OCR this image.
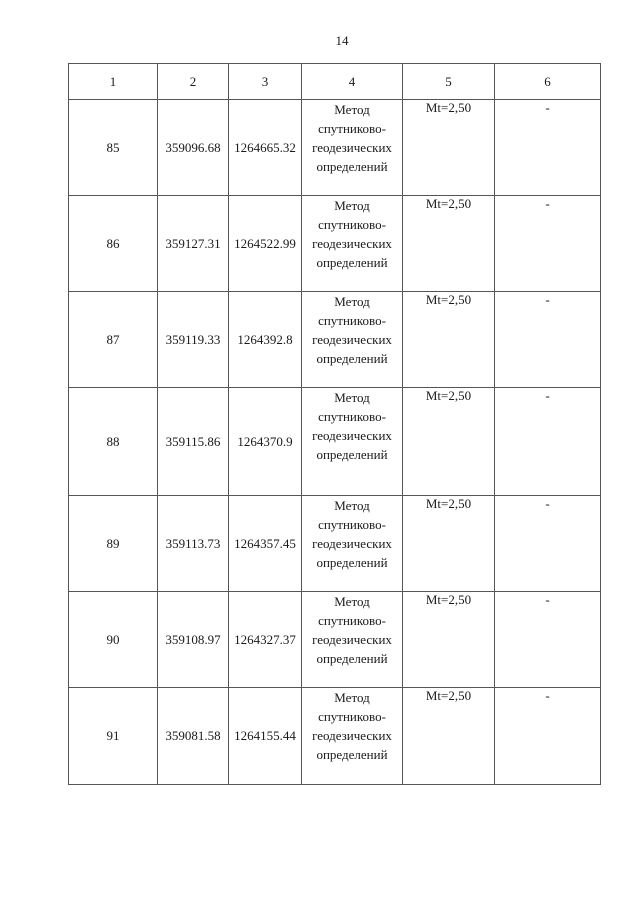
14
1	2	3	4	5	6
85	359096.68	1264665.32	Метод
спутниково-
геодезических
определений	Mt=2,50	-
86	359127.31	1264522.99	Метод
спутниково-
геодезических
определений	Mt=2,50	-
87	359119.33	1264392.8	Метод
спутниково-
геодезических
определений	Mt=2,50	-
88	359115.86	1264370.9	Метод
спутниково-
геодезических
определений	Mt=2,50	-
89	359113.73	1264357.45	Метод
спутниково-
геодезических
определений	Mt=2,50	-
90	359108.97	1264327.37	Метод
спутниково-
геодезических
определений	Mt=2,50	-
91	359081.58	1264155.44	Метод
спутниково-
геодезических
определений	Mt=2,50	-
